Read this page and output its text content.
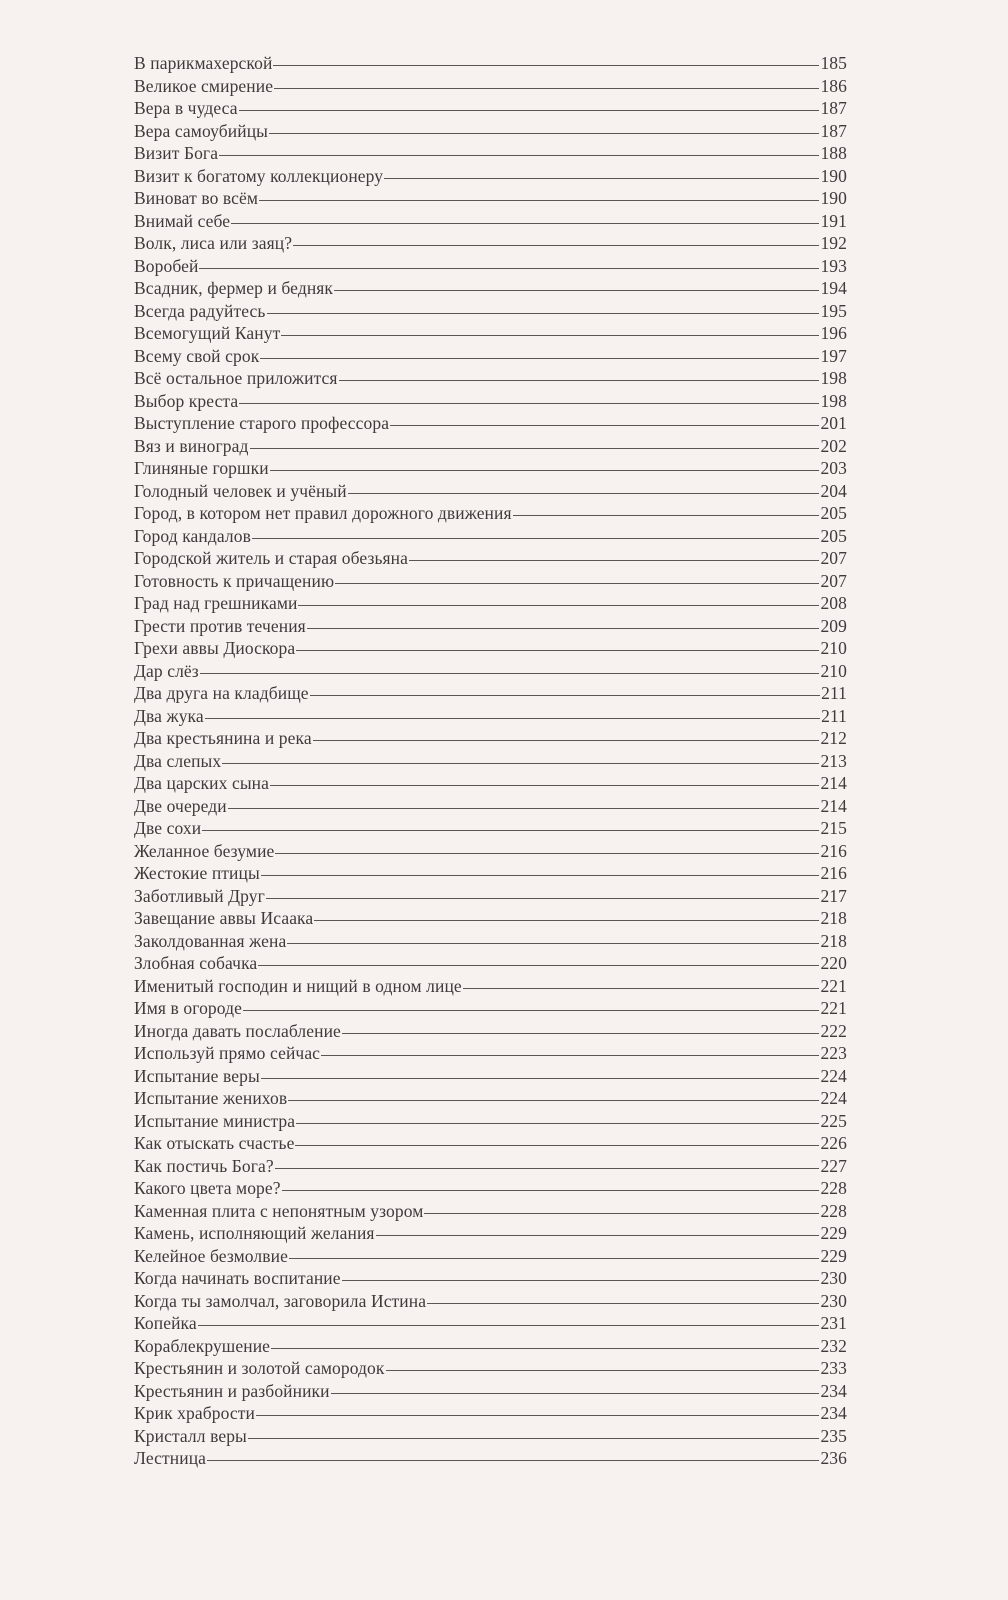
В парикмахерской	185
Великое смирение	186
Вера в чудеса	187
Вера самоубийцы	187
Визит Бога	188
Визит к богатому коллекционеру	190
Виноват во всём	190
Внимай себе	191
Волк, лиса или заяц?	192
Воробей	193
Всадник, фермер и бедняк	194
Всегда радуйтесь	195
Всемогущий Канут	196
Всему свой срок	197
Всё остальное приложится	198
Выбор креста	198
Выступление старого профессора	201
Вяз и виноград	202
Глиняные горшки	203
Голодный человек и учёный	204
Город, в котором нет правил дорожного движения	205
Город кандалов	205
Городской житель и старая обезьяна	207
Готовность к причащению	207
Град над грешниками	208
Грести против течения	209
Грехи аввы Диоскора	210
Дар слёз	210
Два друга на кладбище	211
Два жука	211
Два крестьянина и река	212
Два слепых	213
Два царских сына	214
Две очереди	214
Две сохи	215
Желанное безумие	216
Жестокие птицы	216
Заботливый Друг	217
Завещание аввы Исаака	218
Заколдованная жена	218
Злобная собачка	220
Именитый господин и нищий в одном лице	221
Имя в огороде	221
Иногда давать послабление	222
Используй прямо сейчас	223
Испытание веры	224
Испытание женихов	224
Испытание министра	225
Как отыскать счастье	226
Как постичь Бога?	227
Какого цвета море?	228
Каменная плита с непонятным узором	228
Камень, исполняющий желания	229
Келейное безмолвие	229
Когда начинать воспитание	230
Когда ты замолчал, заговорила Истина	230
Копейка	231
Кораблекрушение	232
Крестьянин и золотой самородок	233
Крестьянин и разбойники	234
Крик храбрости	234
Кристалл веры	235
Лестница	236
